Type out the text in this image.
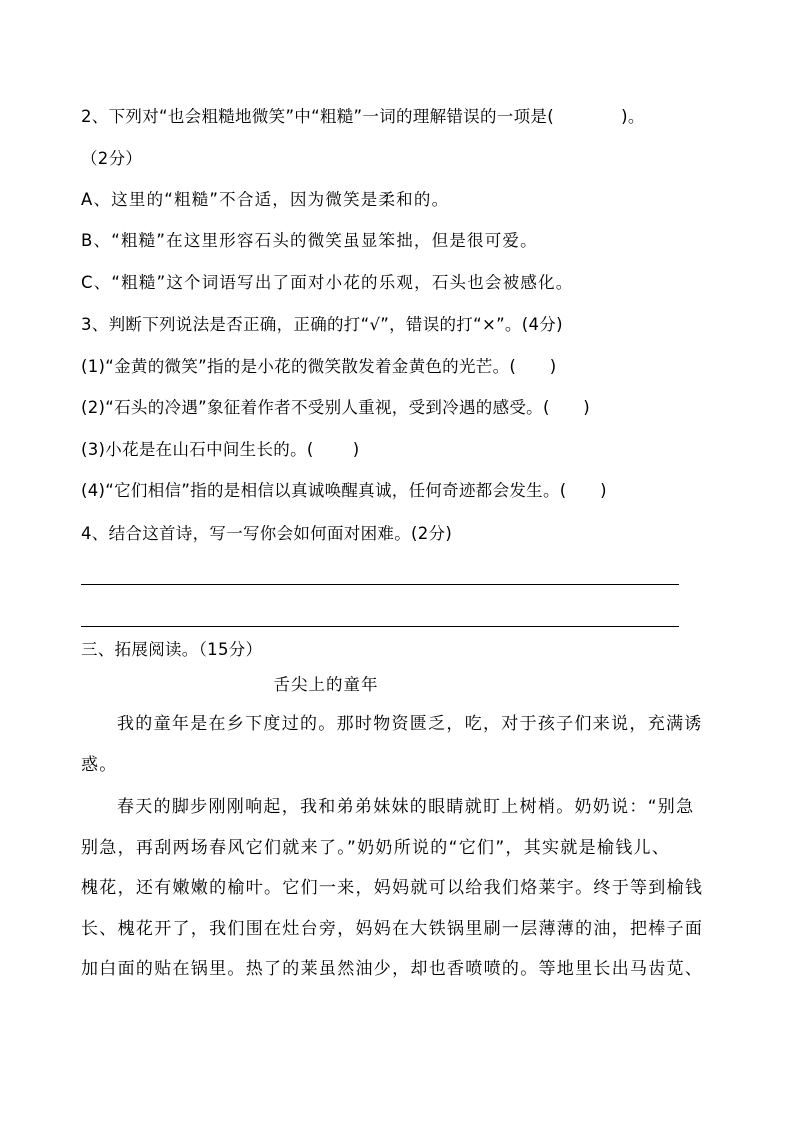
2、下列对“也会粗糙地微笑”中“粗糙”一词的理解错误的一项是(　　　　)。
（2分）
A、这里的“粗糙”不合适，因为微笑是柔和的。
B、“粗糙”在这里形容石头的微笑虽显笨拙，但是很可爱。
C、“粗糙”这个词语写出了面对小花的乐观，石头也会被感化。
3、判断下列说法是否正确，正确的打“√”，错误的打“×”。(4分)
(1)“金黄的微笑”指的是小花的微笑散发着金黄色的光芒。(　　)
(2)“石头的冷遇”象征着作者不受别人重视，受到冷遇的感受。(　　)
(3)小花是在山石中间生长的。(　　 )
(4)“它们相信”指的是相信以真诚唤醒真诚，任何奇迹都会发生。(　　)
4、结合这首诗，写一写你会如何面对困难。(2分)
三、拓展阅读。（15分）
舌尖上的童年
我的童年是在乡下度过的。那时物资匮乏，吃，对于孩子们来说，充满诱
惑。
春天的脚步刚刚响起，我和弟弟妹妹的眼睛就盯上树梢。奶奶说：“别急
别急，再刮两场春风它们就来了。”奶奶所说的“它们”，其实就是榆钱儿、
槐花，还有嫩嫩的榆叶。它们一来，妈妈就可以给我们烙莱宇。终于等到榆钱
长、槐花开了，我们围在灶台旁，妈妈在大铁锅里刷一层薄薄的油，把棒子面
加白面的贴在锅里。热了的莱虽然油少，却也香喷喷的。等地里长出马齿苋、
